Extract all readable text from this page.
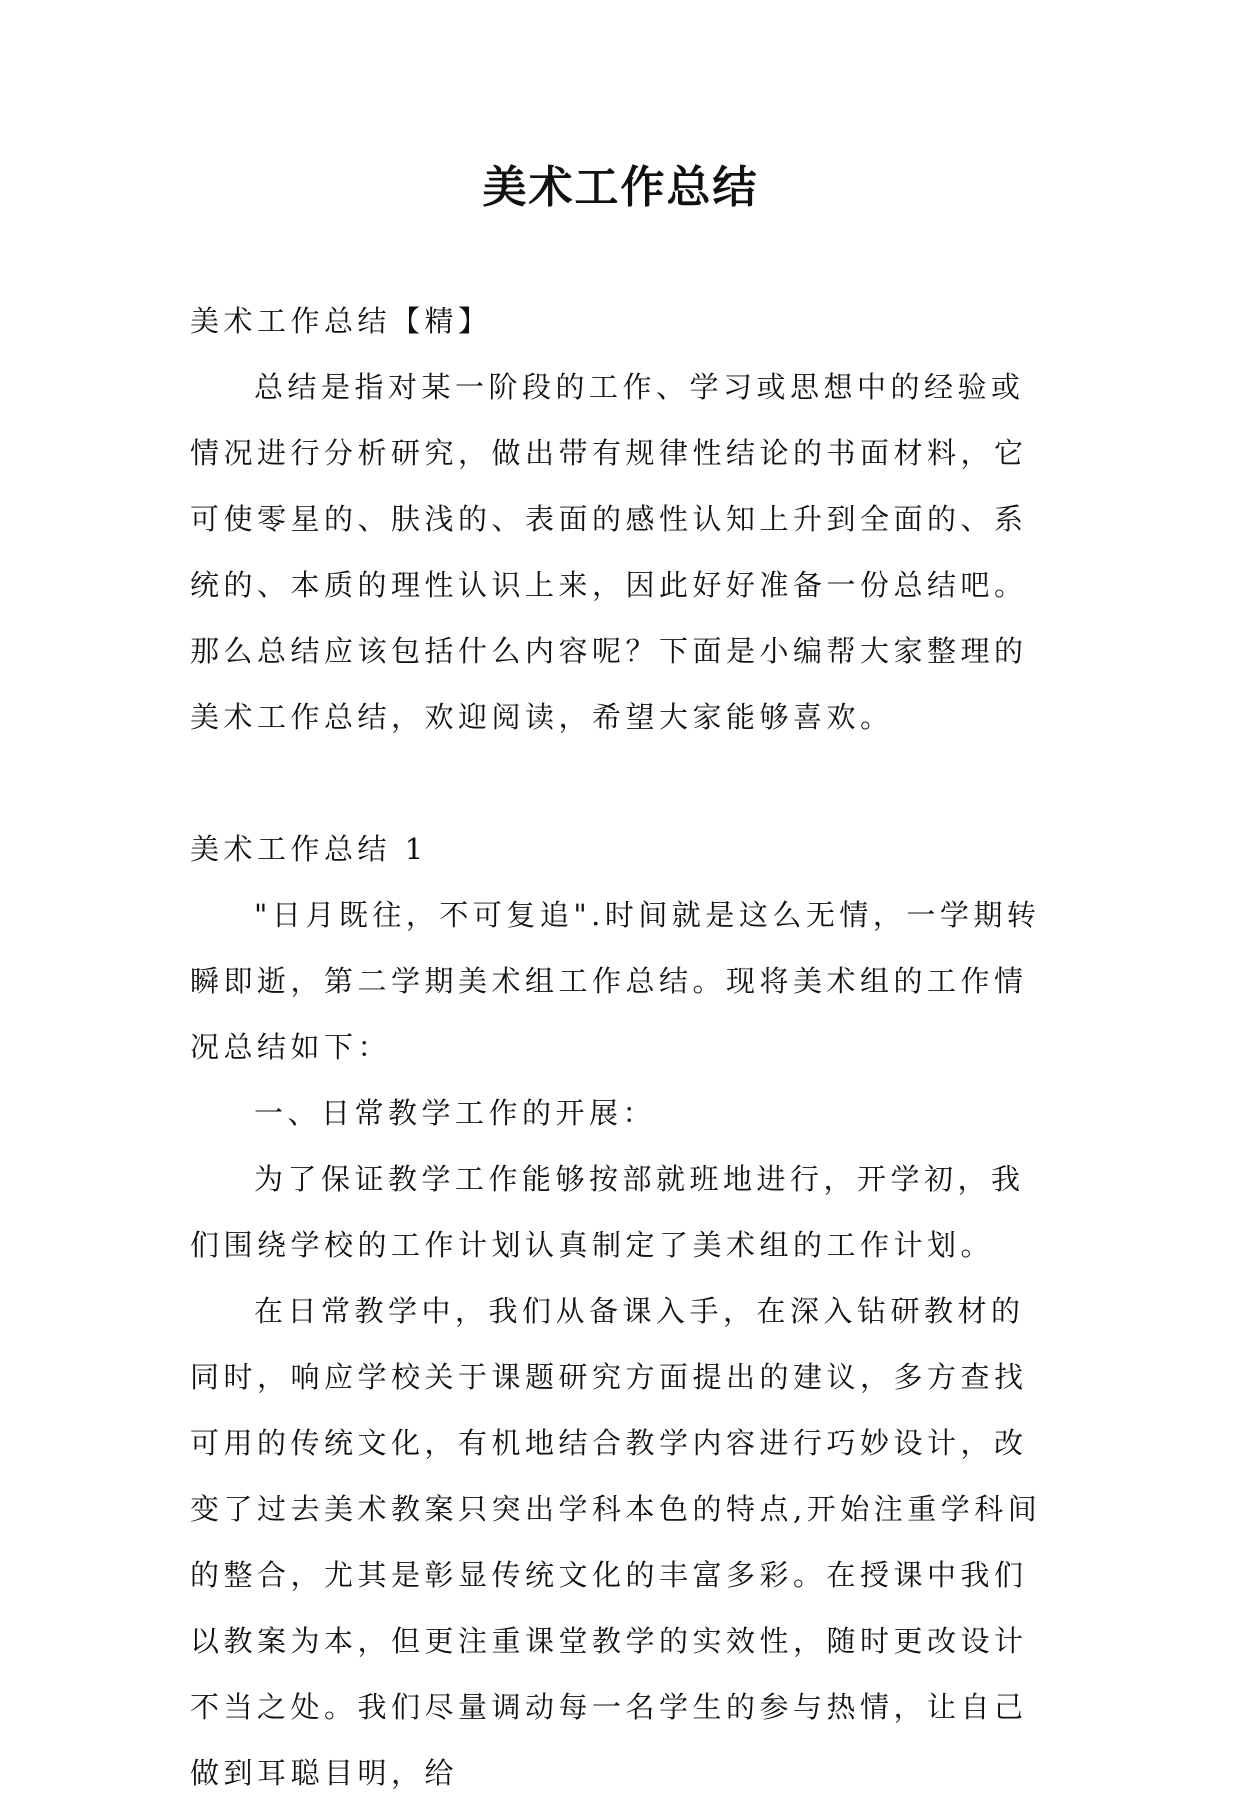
美术工作总结

美术工作总结【精】

总结是指对某一阶段的工作、学习或思想中的经验或情况进行分析研究，做出带有规律性结论的书面材料，它可使零星的、肤浅的、表面的感性认知上升到全面的、系统的、本质的理性认识上来，因此好好准备一份总结吧。那么总结应该包括什么内容呢？下面是小编帮大家整理的美术工作总结，欢迎阅读，希望大家能够喜欢。

美术工作总结 1

"日月既往，不可复追".时间就是这么无情，一学期转瞬即逝，第二学期美术组工作总结。现将美术组的工作情况总结如下：

一、日常教学工作的开展：

为了保证教学工作能够按部就班地进行，开学初，我们围绕学校的工作计划认真制定了美术组的工作计划。

在日常教学中，我们从备课入手，在深入钻研教材的同时，响应学校关于课题研究方面提出的建议，多方查找可用的传统文化，有机地结合教学内容进行巧妙设计，改变了过去美术教案只突出学科本色的特点,开始注重学科间的整合，尤其是彰显传统文化的丰富多彩。在授课中我们以教案为本，但更注重课堂教学的实效性，随时更改设计不当之处。我们尽量调动每一名学生的参与热情，让自己做到耳聪目明，给
